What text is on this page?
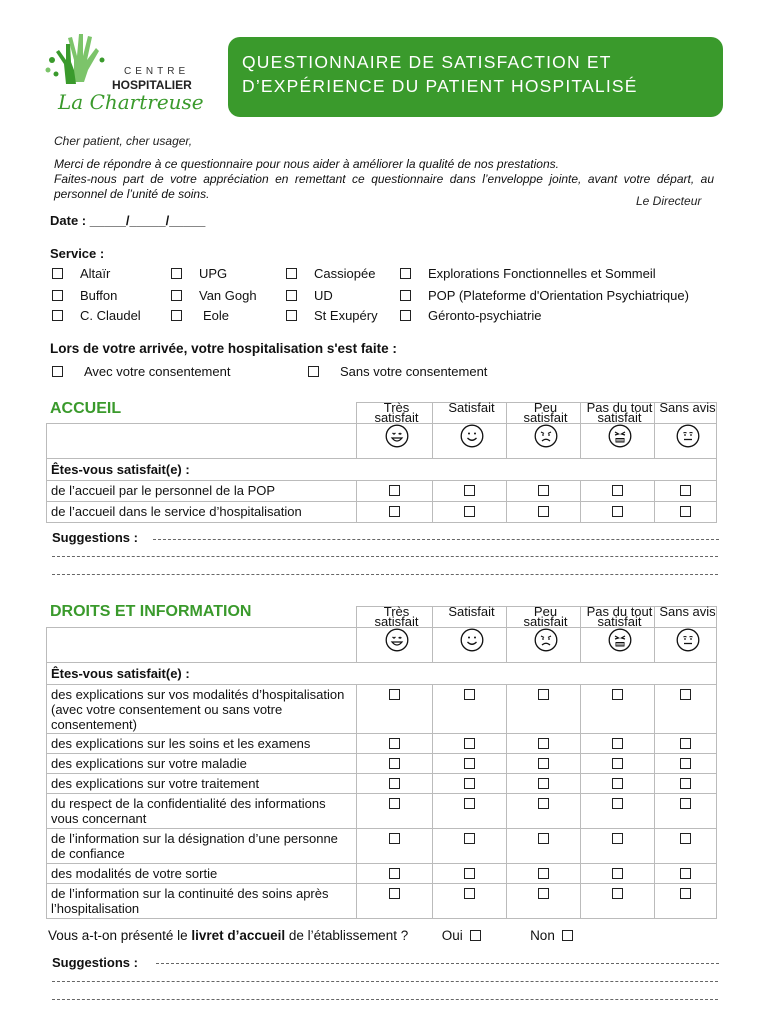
CENTRE
HOSPITALIER
La Chartreuse
QUESTIONNAIRE DE SATISFACTION ET
D’EXPÉRIENCE DU PATIENT HOSPITALISÉ
Cher patient, cher usager,
Merci de répondre à ce questionnaire pour nous aider à améliorer la qualité de nos prestations.
Faites-nous part de votre appréciation en remettant ce questionnaire dans l’enveloppe jointe, avant votre départ, au personnel de l’unité de soins.	Le Directeur
Date : _____/_____/_____
Service :
Altaïr	UPG	Cassiopée	Explorations Fonctionnelles et Sommeil
Buffon	Van Gogh	UD	POP (Plateforme d'Orientation Psychiatrique)
C. Claudel	Eole	St Exupéry	Géronto-psychiatrie
Lors de votre arrivée, votre hospitalisation s'est faite :
Avec votre consentement	Sans votre consentement
ACCUEIL
		Très satisfait	Satisfait	Peu satisfait	Pas du tout satisfait	Sans avis

Êtes-vous satisfait(e) :					
de l’accueil par le personnel de la POP					
de l’accueil dans le service d’hospitalisation					
Suggestions :
DROITS ET INFORMATION
		Très satisfait	Satisfait	Peu satisfait	Pas du tout satisfait	Sans avis

Êtes-vous satisfait(e) :					
des explications sur vos modalités d’hospitalisation (avec votre consentement ou sans votre consentement)					
des explications sur les soins et les examens					
des explications sur votre maladie					
des explications sur votre traitement					
du respect de la confidentialité des informations vous concernant					
de l’information sur la désignation d’une personne de confiance					
des modalités de votre sortie					
de l’information sur la continuité des soins après l’hospitalisation					
Vous a-t-on présenté le livret d’accueil de l’établissement ? Oui	Non
Suggestions :
